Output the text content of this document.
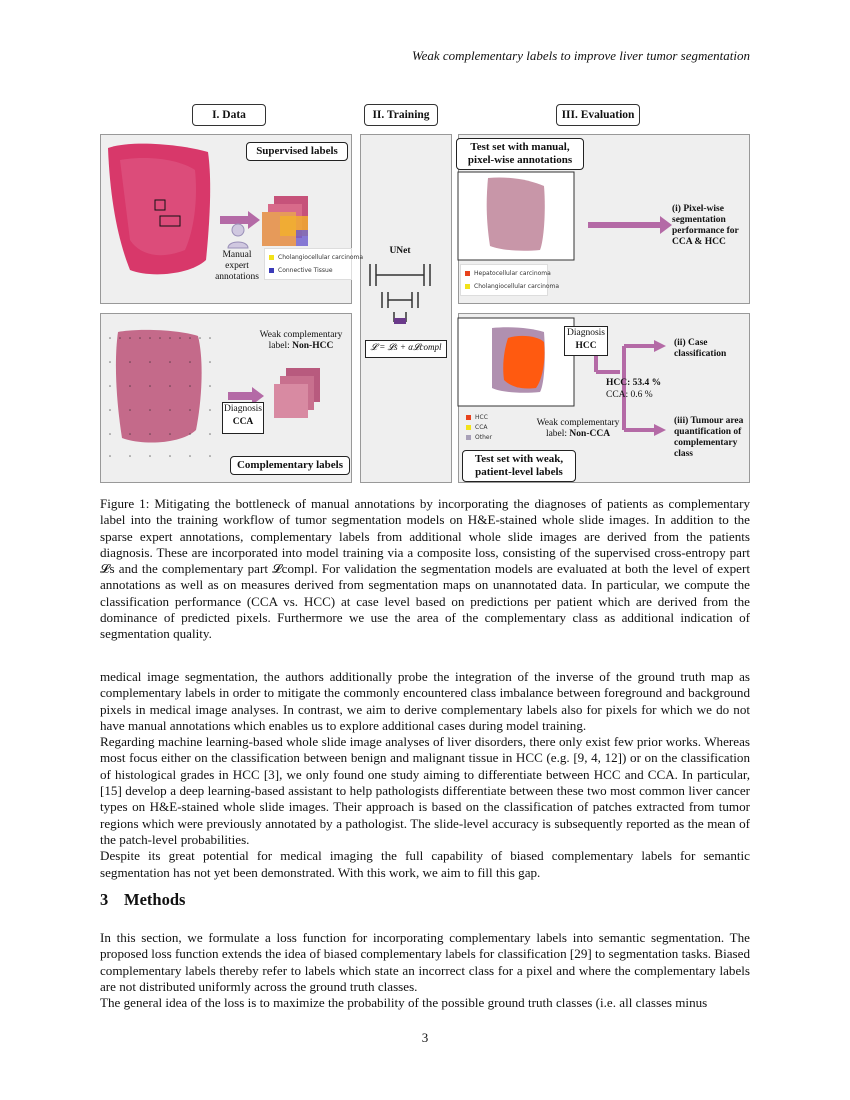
Weak complementary labels to improve liver tumor segmentation
I. Data	II. Training	III. Evaluation
Supervised labels
Manual expert annotations
Cholangiocellular carcinoma
Connective Tissue
Weak complementary label: Non-HCC
Diagnosis
CCA
Complementary labels
UNet
𝓛 = 𝓛s + α𝓛compl
Test set with manual, pixel-wise annotations
Hepatocellular carcinoma
Cholangiocellular carcinoma
(i) Pixel-wise segmentation performance for CCA & HCC
Diagnosis
HCC
HCC: 53.4 %
CCA: 0.6 %
(ii) Case classification
(iii) Tumour area quantification of complementary class
Weak complementary label: Non-CCA
HCC
CCA
Other
Test set with weak, patient-level labels
Figure 1: Mitigating the bottleneck of manual annotations by incorporating the diagnoses of patients as complementary label into the training workflow of tumor segmentation models on H&E-stained whole slide images. In addition to the sparse expert annotations, complementary labels from additional whole slide images are derived from the patients diagnosis. These are incorporated into model training via a composite loss, consisting of the supervised cross-entropy part 𝓛s and the complementary part 𝓛compl. For validation the segmentation models are evaluated at both the level of expert annotations as well as on measures derived from segmentation maps on unannotated data. In particular, we compute the classification performance (CCA vs. HCC) at case level based on predictions per patient which are derived from the dominance of predicted pixels. Furthermore we use the area of the complementary class as additional indication of segmentation quality.

medical image segmentation, the authors additionally probe the integration of the inverse of the ground truth map as complementary labels in order to mitigate the commonly encountered class imbalance between foreground and background pixels in medical image analyses. In contrast, we aim to derive complementary labels also for pixels for which we do not have manual annotations which enables us to explore additional cases during model training.

Regarding machine learning-based whole slide image analyses of liver disorders, there only exist few prior works. Whereas most focus either on the classification between benign and malignant tissue in HCC (e.g. [9, 4, 12]) or on the classification of histological grades in HCC [3], we only found one study aiming to differentiate between HCC and CCA. In particular, [15] develop a deep learning-based assistant to help pathologists differentiate between these two most common liver cancer types on H&E-stained whole slide images. Their approach is based on the classification of patches extracted from tumor regions which were previously annotated by a pathologist. The slide-level accuracy is subsequently reported as the mean of the patch-level probabilities.

Despite its great potential for medical imaging the full capability of biased complementary labels for semantic segmentation has not yet been demonstrated. With this work, we aim to fill this gap.

3 Methods

In this section, we formulate a loss function for incorporating complementary labels into semantic segmentation. The proposed loss function extends the idea of biased complementary labels for classification [29] to segmentation tasks. Biased complementary labels thereby refer to labels which state an incorrect class for a pixel and where the complementary labels are not distributed uniformly across the ground truth classes.

The general idea of the loss is to maximize the probability of the possible ground truth classes (i.e. all classes minus

3
